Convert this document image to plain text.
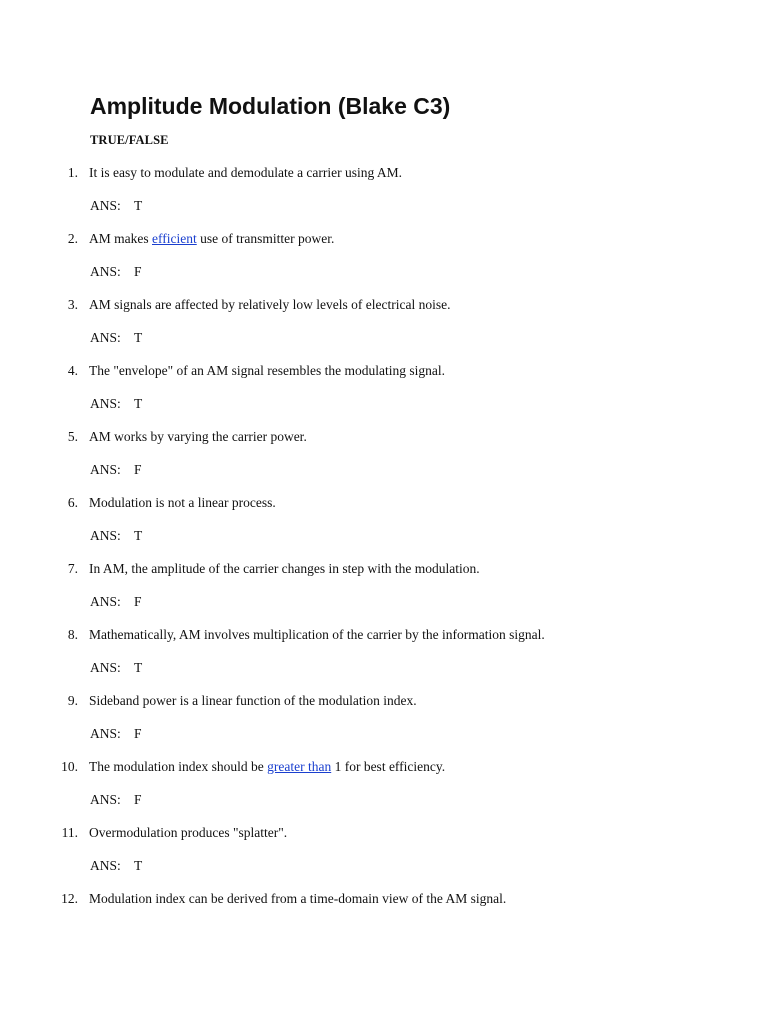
Amplitude Modulation (Blake C3)
TRUE/FALSE
1. It is easy to modulate and demodulate a carrier using AM.
ANS: T
2. AM makes efficient use of transmitter power.
ANS: F
3. AM signals are affected by relatively low levels of electrical noise.
ANS: T
4. The "envelope" of an AM signal resembles the modulating signal.
ANS: T
5. AM works by varying the carrier power.
ANS: F
6. Modulation is not a linear process.
ANS: T
7. In AM, the amplitude of the carrier changes in step with the modulation.
ANS: F
8. Mathematically, AM involves multiplication of the carrier by the information signal.
ANS: T
9. Sideband power is a linear function of the modulation index.
ANS: F
10. The modulation index should be greater than 1 for best efficiency.
ANS: F
11. Overmodulation produces "splatter".
ANS: T
12. Modulation index can be derived from a time-domain view of the AM signal.
